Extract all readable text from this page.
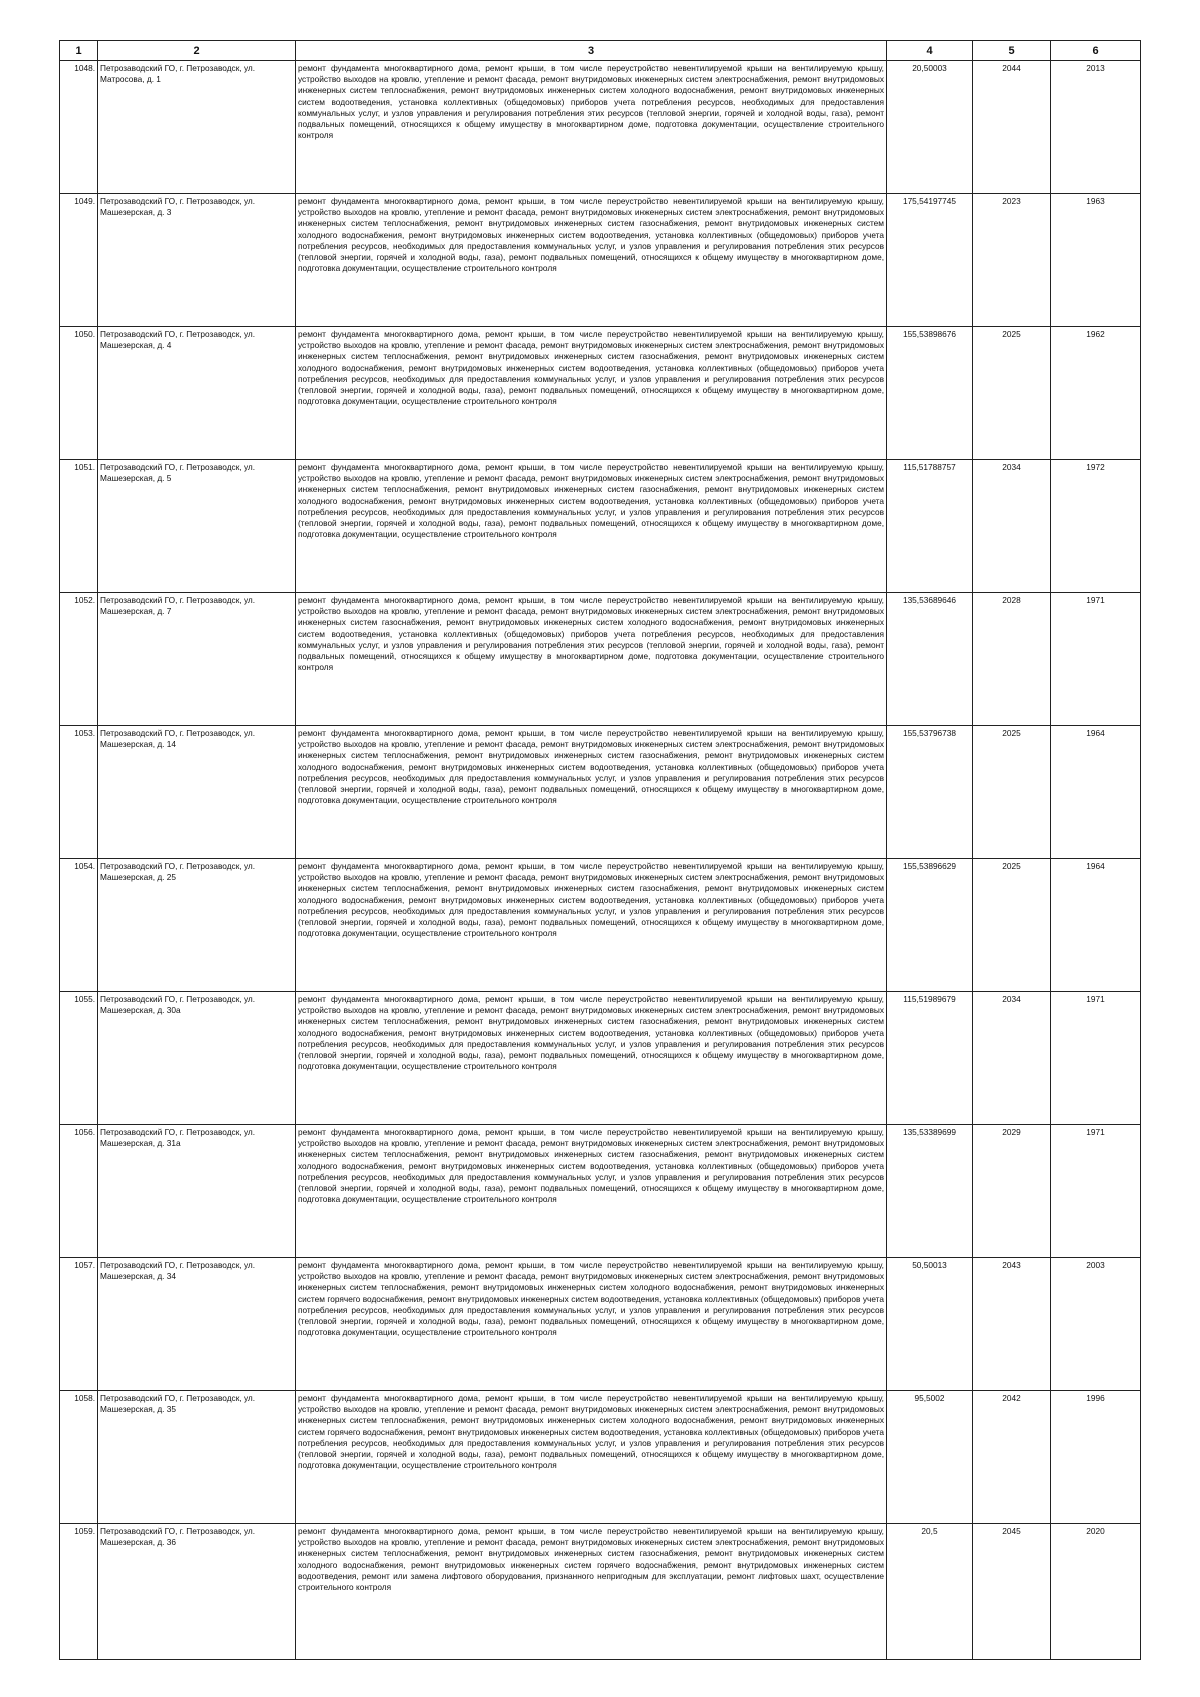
1	2	3	4	5	6
1048.	Петрозаводский ГО, г. Петрозаводск, ул. Матросова, д. 1	ремонт фундамента многоквартирного дома, ремонт крыши, в том числе переустройство невентилируемой крыши на вентилируемую крышу, устройство выходов на кровлю, утепление и ремонт фасада, ремонт внутридомовых инженерных систем электроснабжения, ремонт внутридомовых инженерных систем теплоснабжения, ремонт внутридомовых инженерных систем холодного водоснабжения, ремонт внутридомовых инженерных систем водоотведения, установка коллективных (общедомовых) приборов учета потребления ресурсов, необходимых для предоставления коммунальных услуг, и узлов управления и регулирования потребления этих ресурсов (тепловой энергии, горячей и холодной воды, газа), ремонт подвальных помещений, относящихся к общему имуществу в многоквартирном доме, подготовка документации, осуществление строительного контроля	20,50003	2044	2013
1049.	Петрозаводский ГО, г. Петрозаводск, ул. Машезерская, д. 3	ремонт фундамента многоквартирного дома, ремонт крыши, в том числе переустройство невентилируемой крыши на вентилируемую крышу, устройство выходов на кровлю, утепление и ремонт фасада, ремонт внутридомовых инженерных систем электроснабжения, ремонт внутридомовых инженерных систем теплоснабжения, ремонт внутридомовых инженерных систем газоснабжения, ремонт внутридомовых инженерных систем холодного водоснабжения, ремонт внутридомовых инженерных систем водоотведения, установка коллективных (общедомовых) приборов учета потребления ресурсов, необходимых для предоставления коммунальных услуг, и узлов управления и регулирования потребления этих ресурсов (тепловой энергии, горячей и холодной воды, газа), ремонт подвальных помещений, относящихся к общему имуществу в многоквартирном доме, подготовка документации, осуществление строительного контроля	175,54197745	2023	1963
1050.	Петрозаводский ГО, г. Петрозаводск, ул. Машезерская, д. 4	ремонт фундамента многоквартирного дома, ремонт крыши, в том числе переустройство невентилируемой крыши на вентилируемую крышу, устройство выходов на кровлю, утепление и ремонт фасада, ремонт внутридомовых инженерных систем электроснабжения, ремонт внутридомовых инженерных систем теплоснабжения, ремонт внутридомовых инженерных систем газоснабжения, ремонт внутридомовых инженерных систем холодного водоснабжения, ремонт внутридомовых инженерных систем водоотведения, установка коллективных (общедомовых) приборов учета потребления ресурсов, необходимых для предоставления коммунальных услуг, и узлов управления и регулирования потребления этих ресурсов (тепловой энергии, горячей и холодной воды, газа), ремонт подвальных помещений, относящихся к общему имуществу в многоквартирном доме, подготовка документации, осуществление строительного контроля	155,53898676	2025	1962
1051.	Петрозаводский ГО, г. Петрозаводск, ул. Машезерская, д. 5	ремонт фундамента многоквартирного дома, ремонт крыши, в том числе переустройство невентилируемой крыши на вентилируемую крышу, устройство выходов на кровлю, утепление и ремонт фасада, ремонт внутридомовых инженерных систем электроснабжения, ремонт внутридомовых инженерных систем теплоснабжения, ремонт внутридомовых инженерных систем газоснабжения, ремонт внутридомовых инженерных систем холодного водоснабжения, ремонт внутридомовых инженерных систем водоотведения, установка коллективных (общедомовых) приборов учета потребления ресурсов, необходимых для предоставления коммунальных услуг, и узлов управления и регулирования потребления этих ресурсов (тепловой энергии, горячей и холодной воды, газа), ремонт подвальных помещений, относящихся к общему имуществу в многоквартирном доме, подготовка документации, осуществление строительного контроля	115,51788757	2034	1972
1052.	Петрозаводский ГО, г. Петрозаводск, ул. Машезерская, д. 7	ремонт фундамента многоквартирного дома, ремонт крыши, в том числе переустройство невентилируемой крыши на вентилируемую крышу, устройство выходов на кровлю, утепление и ремонт фасада, ремонт внутридомовых инженерных систем электроснабжения, ремонт внутридомовых инженерных систем газоснабжения, ремонт внутридомовых инженерных систем холодного водоснабжения, ремонт внутридомовых инженерных систем водоотведения, установка коллективных (общедомовых) приборов учета потребления ресурсов, необходимых для предоставления коммунальных услуг, и узлов управления и регулирования потребления этих ресурсов (тепловой энергии, горячей и холодной воды, газа), ремонт подвальных помещений, относящихся к общему имуществу в многоквартирном доме, подготовка документации, осуществление строительного контроля	135,53689646	2028	1971
1053.	Петрозаводский ГО, г. Петрозаводск, ул. Машезерская, д. 14	ремонт фундамента многоквартирного дома, ремонт крыши, в том числе переустройство невентилируемой крыши на вентилируемую крышу, устройство выходов на кровлю, утепление и ремонт фасада, ремонт внутридомовых инженерных систем электроснабжения, ремонт внутридомовых инженерных систем теплоснабжения, ремонт внутридомовых инженерных систем газоснабжения, ремонт внутридомовых инженерных систем холодного водоснабжения, ремонт внутридомовых инженерных систем водоотведения, установка коллективных (общедомовых) приборов учета потребления ресурсов, необходимых для предоставления коммунальных услуг, и узлов управления и регулирования потребления этих ресурсов (тепловой энергии, горячей и холодной воды, газа), ремонт подвальных помещений, относящихся к общему имуществу в многоквартирном доме, подготовка документации, осуществление строительного контроля	155,53796738	2025	1964
1054.	Петрозаводский ГО, г. Петрозаводск, ул. Машезерская, д. 25	ремонт фундамента многоквартирного дома, ремонт крыши, в том числе переустройство невентилируемой крыши на вентилируемую крышу, устройство выходов на кровлю, утепление и ремонт фасада, ремонт внутридомовых инженерных систем электроснабжения, ремонт внутридомовых инженерных систем теплоснабжения, ремонт внутридомовых инженерных систем газоснабжения, ремонт внутридомовых инженерных систем холодного водоснабжения, ремонт внутридомовых инженерных систем водоотведения, установка коллективных (общедомовых) приборов учета потребления ресурсов, необходимых для предоставления коммунальных услуг, и узлов управления и регулирования потребления этих ресурсов (тепловой энергии, горячей и холодной воды, газа), ремонт подвальных помещений, относящихся к общему имуществу в многоквартирном доме, подготовка документации, осуществление строительного контроля	155,53896629	2025	1964
1055.	Петрозаводский ГО, г. Петрозаводск, ул. Машезерская, д. 30а	ремонт фундамента многоквартирного дома, ремонт крыши, в том числе переустройство невентилируемой крыши на вентилируемую крышу, устройство выходов на кровлю, утепление и ремонт фасада, ремонт внутридомовых инженерных систем электроснабжения, ремонт внутридомовых инженерных систем теплоснабжения, ремонт внутридомовых инженерных систем газоснабжения, ремонт внутридомовых инженерных систем холодного водоснабжения, ремонт внутридомовых инженерных систем водоотведения, установка коллективных (общедомовых) приборов учета потребления ресурсов, необходимых для предоставления коммунальных услуг, и узлов управления и регулирования потребления этих ресурсов (тепловой энергии, горячей и холодной воды, газа), ремонт подвальных помещений, относящихся к общему имуществу в многоквартирном доме, подготовка документации, осуществление строительного контроля	115,51989679	2034	1971
1056.	Петрозаводский ГО, г. Петрозаводск, ул. Машезерская, д. 31а	ремонт фундамента многоквартирного дома, ремонт крыши, в том числе переустройство невентилируемой крыши на вентилируемую крышу, устройство выходов на кровлю, утепление и ремонт фасада, ремонт внутридомовых инженерных систем электроснабжения, ремонт внутридомовых инженерных систем теплоснабжения, ремонт внутридомовых инженерных систем газоснабжения, ремонт внутридомовых инженерных систем холодного водоснабжения, ремонт внутридомовых инженерных систем водоотведения, установка коллективных (общедомовых) приборов учета потребления ресурсов, необходимых для предоставления коммунальных услуг, и узлов управления и регулирования потребления этих ресурсов (тепловой энергии, горячей и холодной воды, газа), ремонт подвальных помещений, относящихся к общему имуществу в многоквартирном доме, подготовка документации, осуществление строительного контроля	135,53389699	2029	1971
1057.	Петрозаводский ГО, г. Петрозаводск, ул. Машезерская, д. 34	ремонт фундамента многоквартирного дома, ремонт крыши, в том числе переустройство невентилируемой крыши на вентилируемую крышу, устройство выходов на кровлю, утепление и ремонт фасада, ремонт внутридомовых инженерных систем электроснабжения, ремонт внутридомовых инженерных систем теплоснабжения, ремонт внутридомовых инженерных систем холодного водоснабжения, ремонт внутридомовых инженерных систем горячего водоснабжения, ремонт внутридомовых инженерных систем водоотведения, установка коллективных (общедомовых) приборов учета потребления ресурсов, необходимых для предоставления коммунальных услуг, и узлов управления и регулирования потребления этих ресурсов (тепловой энергии, горячей и холодной воды, газа), ремонт подвальных помещений, относящихся к общему имуществу в многоквартирном доме, подготовка документации, осуществление строительного контроля	50,50013	2043	2003
1058.	Петрозаводский ГО, г. Петрозаводск, ул. Машезерская, д. 35	ремонт фундамента многоквартирного дома, ремонт крыши, в том числе переустройство невентилируемой крыши на вентилируемую крышу, устройство выходов на кровлю, утепление и ремонт фасада, ремонт внутридомовых инженерных систем электроснабжения, ремонт внутридомовых инженерных систем теплоснабжения, ремонт внутридомовых инженерных систем холодного водоснабжения, ремонт внутридомовых инженерных систем горячего водоснабжения, ремонт внутридомовых инженерных систем водоотведения, установка коллективных (общедомовых) приборов учета потребления ресурсов, необходимых для предоставления коммунальных услуг, и узлов управления и регулирования потребления этих ресурсов (тепловой энергии, горячей и холодной воды, газа), ремонт подвальных помещений, относящихся к общему имуществу в многоквартирном доме, подготовка документации, осуществление строительного контроля	95,5002	2042	1996
1059.	Петрозаводский ГО, г. Петрозаводск, ул. Машезерская, д. 36	ремонт фундамента многоквартирного дома, ремонт крыши, в том числе переустройство невентилируемой крыши на вентилируемую крышу, устройство выходов на кровлю, утепление и ремонт фасада, ремонт внутридомовых инженерных систем электроснабжения, ремонт внутридомовых инженерных систем теплоснабжения, ремонт внутридомовых инженерных систем газоснабжения, ремонт внутридомовых инженерных систем холодного водоснабжения, ремонт внутридомовых инженерных систем горячего водоснабжения, ремонт внутридомовых инженерных систем водоотведения, ремонт или замена лифтового оборудования, признанного непригодным для эксплуатации, ремонт лифтовых шахт, осуществление строительного контроля	20,5	2045	2020
